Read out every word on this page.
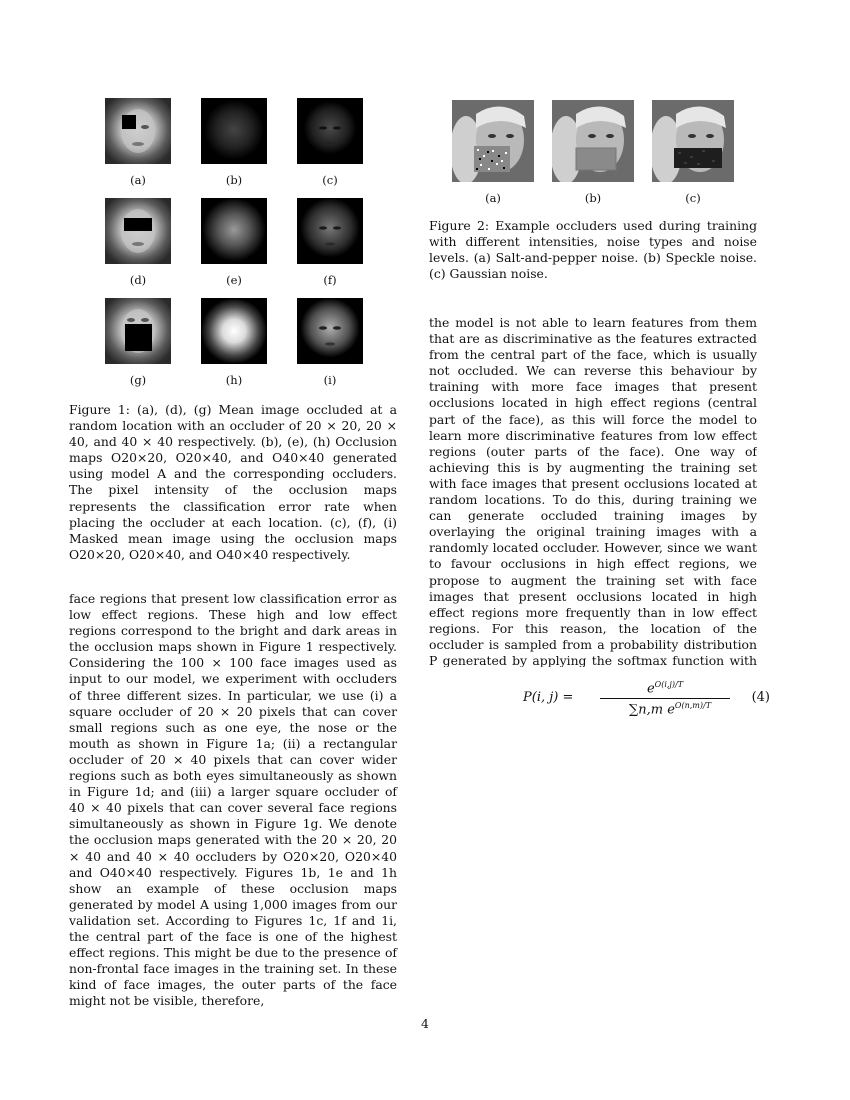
(a)	(b)	(c)
(d)	(e)	(f)
(g)	(h)	(i)
Figure 1: (a), (d), (g) Mean image occluded at a random location with an occluder of 20 × 20, 20 × 40, and 40 × 40 respectively. (b), (e), (h) Occlusion maps O20×20, O20×40, and O40×40 generated using model A and the corresponding occluders. The pixel intensity of the occlusion maps represents the classification error rate when placing the occluder at each location. (c), (f), (i) Masked mean image using the occlusion maps O20×20, O20×40, and O40×40 respectively.
(a)	(b)	(c)
Figure 2: Example occluders used during training with different intensities, noise types and noise levels. (a) Salt-and-pepper noise. (b) Speckle noise. (c) Gaussian noise.

face regions that present low classification error as low effect regions. These high and low effect regions correspond to the bright and dark areas in the occlusion maps shown in Figure 1 respectively. Considering the 100 × 100 face images used as input to our model, we experiment with occluders of three different sizes. In particular, we use (i) a square occluder of 20 × 20 pixels that can cover small regions such as one eye, the nose or the mouth as shown in Figure 1a; (ii) a rectangular occluder of 20 × 40 pixels that can cover wider regions such as both eyes simultaneously as shown in Figure 1d; and (iii) a larger square occluder of 40 × 40 pixels that can cover several face regions simultaneously as shown in Figure 1g. We denote the occlusion maps generated with the 20 × 20, 20 × 40 and 40 × 40 occluders by O20×20, O20×40 and O40×40 respectively. Figures 1b, 1e and 1h show an example of these occlusion maps generated by model A using 1,000 images from our validation set. According to Figures 1c, 1f and 1i, the central part of the face is one of the highest effect regions. This might be due to the presence of non-frontal face images in the training set. In these kind of face images, the outer parts of the face might not be visible, therefore,

the model is not able to learn features from them that are as discriminative as the features extracted from the central part of the face, which is usually not occluded. We can reverse this behaviour by training with more face images that present occlusions located in high effect regions (central part of the face), as this will force the model to learn more discriminative features from low effect regions (outer parts of the face). One way of achieving this is by augmenting the training set with face images that present occlusions located at random locations. To do this, during training we can generate occluded training images by overlaying the original training images with a randomly located occluder. However, since we want to favour occlusions in high effect regions, we propose to augment the training set with face images that present occlusions located in high effect regions more frequently than in low effect regions. For this reason, the location of the occluder is sampled from a probability distribution P generated by applying the softmax function with

P(i, j) =
$e^{O(i,j)/T}$
∑n,m $e^{O(n,m)/T}$
(4)
4
